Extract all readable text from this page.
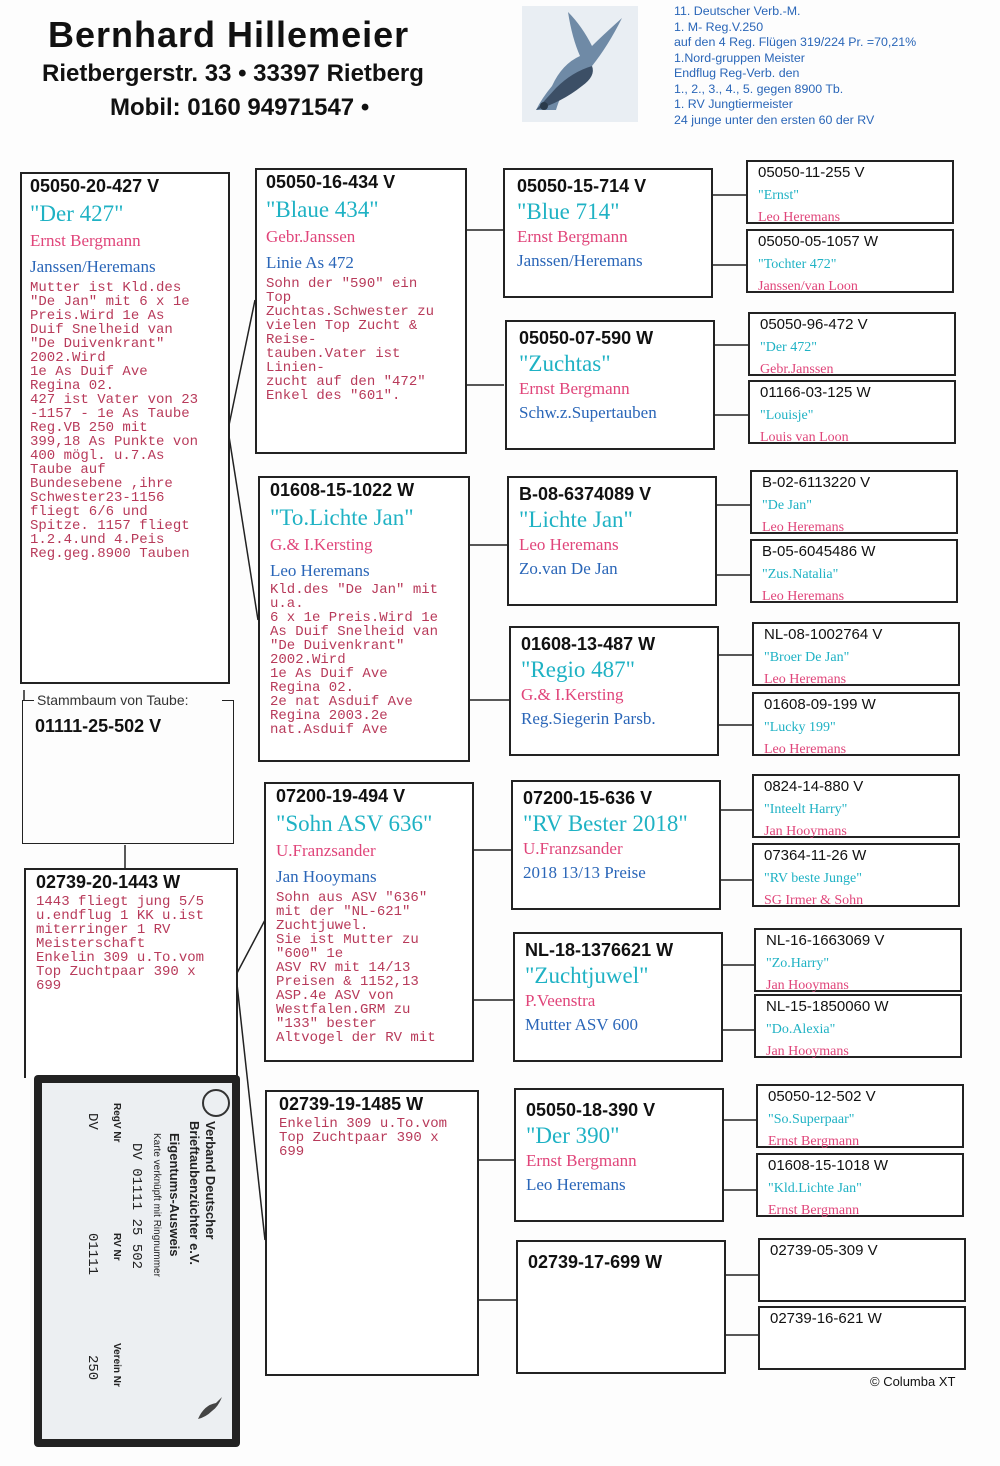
Bernhard Hillemeier
Rietbergerstr. 33 • 33397 Rietberg
Mobil: 0160 94971547 •
11. Deutscher Verb.-M.
1. M- Reg.V.250
auf den 4 Reg. Flügen 319/224 Pr. =70,21%
1.Nord-gruppen Meister
Endflug Reg-Verb. den
1., 2., 3., 4., 5. gegen 8900 Tb.
1. RV Jungtiermeister
24 junge unter den ersten 60 der RV
05050-20-427 V
"Der 427"
Ernst Bergmann
Janssen/Heremans
Mutter ist Kld.des
"De Jan" mit 6 x 1e
Preis.Wird 1e As
Duif Snelheid van
"De Duivenkrant"
2002.Wird
1e As Duif Ave
Regina 02.
427 ist Vater von 23
-1157 - 1e As Taube
Reg.VB 250 mit
399,18 As Punkte von
400 mögl. u.7.As
Taube auf
Bundesebene ,ihre
Schwester23-1156
fliegt 6/6 und
Spitze. 1157 fliegt
1.2.4.und 4.Peis
Reg.geg.8900 Tauben
Stammbaum von Taube:
01111-25-502 V
02739-20-1443 W
1443 fliegt jung 5/5
u.endflug 1 KK u.ist
miterringer 1 RV
Meisterschaft
Enkelin 309 u.To.vom
Top Zuchtpaar 390 x
699
05050-16-434 V
"Blaue 434"
Gebr.Janssen
Linie As 472
Sohn der "590" ein
Top
Zuchtas.Schwester zu
vielen Top Zucht &
Reise-
tauben.Vater ist
Linien-
zucht auf den "472"
Enkel des "601".
01608-15-1022 W
"To.Lichte Jan"
G.& I.Kersting
Leo Heremans
Kld.des "De Jan" mit
u.a.
6 x 1e Preis.Wird 1e
As Duif Snelheid van
"De Duivenkrant"
2002.Wird
1e As Duif Ave
Regina 02.
2e nat Asduif Ave
Regina 2003.2e
nat.Asduif Ave
07200-19-494 V
"Sohn ASV 636"
U.Franzsander
Jan Hooymans
Sohn aus ASV "636"
mit der "NL-621"
Zuchtjuwel.
Sie ist Mutter zu
"600" 1e
ASV RV mit 14/13
Preisen & 1152,13
ASP.4e ASV von
Westfalen.GRM zu
"133" bester
Altvogel der RV mit
02739-19-1485 W
Enkelin 309 u.To.vom
Top Zuchtpaar 390 x
699
05050-15-714 V
"Blue 714"
Ernst Bergmann
Janssen/Heremans
05050-07-590 W
"Zuchtas"
Ernst Bergmann
Schw.z.Supertauben
B-08-6374089 V
"Lichte Jan"
Leo Heremans
Zo.van De Jan
01608-13-487 W
"Regio 487"
G.& I.Kersting
Reg.Siegerin Parsb.
07200-15-636 V
"RV Bester 2018"
U.Franzsander
2018 13/13 Preise
NL-18-1376621 W
"Zuchtjuwel"
P.Veenstra
Mutter ASV 600
05050-18-390 V
"Der 390"
Ernst Bergmann
Leo Heremans
02739-17-699 W
05050-11-255 V
"Ernst"
Leo Heremans
05050-05-1057 W
"Tochter 472"
Janssen/van Loon
05050-96-472 V
"Der 472"
Gebr.Janssen
01166-03-125 W
"Louisje"
Louis van Loon
B-02-6113220 V
"De Jan"
Leo Heremans
B-05-6045486 W
"Zus.Natalia"
Leo Heremans
NL-08-1002764 V
"Broer De Jan"
Leo Heremans
01608-09-199 W
"Lucky 199"
Leo Heremans
0824-14-880 V
"Inteelt Harry"
Jan Hooymans
07364-11-26 W
"RV beste Junge"
SG Irmer & Sohn
NL-16-1663069 V
"Zo.Harry"
Jan Hooymans
NL-15-1850060 W
"Do.Alexia"
Jan Hooymans
05050-12-502 V
"So.Superpaar"
Ernst Bergmann
01608-15-1018 W
"Kld.Lichte Jan"
Ernst Bergmann
02739-05-309 V
02739-16-621 W
Verband Deutscher
Brieftaubenzüchter e.V.
Eigentums-Ausweis
Karte verknüpft mit Ringnummer
DV 01111 25 502
RegV Nr
RV Nr
Verein Nr
DV
01111
250
© Columba XT
